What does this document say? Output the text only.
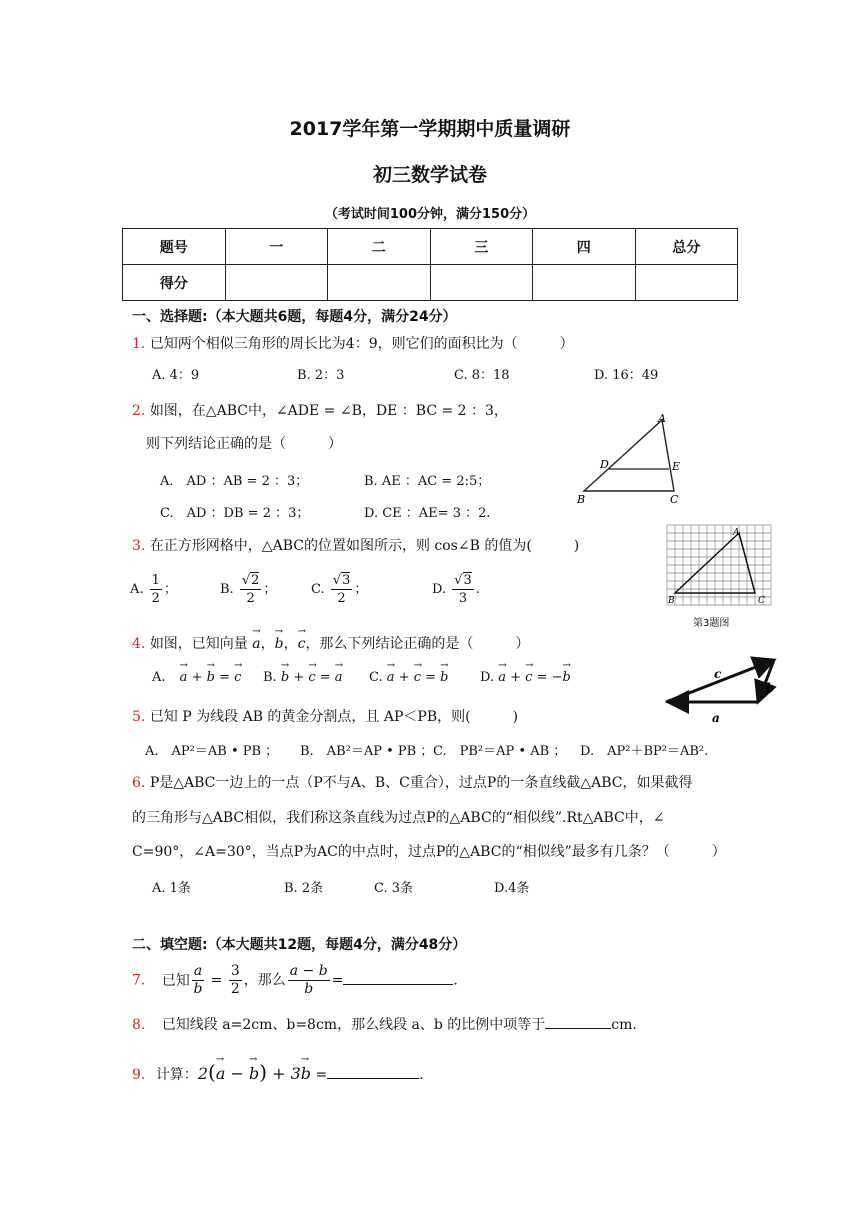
2017学年第一学期期中质量调研
初三数学试卷
（考试时间100分钟，满分150分）
题号	一	二	三	四	总分
得分					
一、选择题:（本大题共6题，每题4分，满分24分）
1. 已知两个相似三角形的周长比为4：9，则它们的面积比为（　　　）
A. 4：9	B. 2：3	C. 8：18	D. 16：49
2. 如图，在△ABC中，∠ADE = ∠B，DE ：BC = 2 ：3，
则下列结论正确的是（　　　）
A.　AD ：AB = 2 ：3；	B. AE ：AC = 2:5；
C.　AD ：DB = 2 ：3；	D. CE ：AE= 3 ：2.
A
B	C
D	E
3. 在正方形网格中，△ABC的位置如图所示，则 cos∠B 的值为(　　　)
A. $\frac{1}{2}$ ；	B. $\frac{√2}{2}$ ；	C. $\frac{√3}{2}$ ；	D. $\frac{√3}{3}$ .
A
B	C
第3题图
4. 如图，已知向量 → a，→ b，→ c，那么下列结论正确的是（　　　）
A. → a + → b = → c B. → b + → c = → a C. → a + → c = → b D. → a + → c = −→ b	c
b
a
5. 已知 P 为线段 AB 的黄金分割点，且 AP＜PB，则(　　　)
A.　AP²＝AB • PB ； B.　AB²＝AP • PB ； C.　PB²＝AP • AB ； D.　AP²＋BP²＝AB².
6. P是△ABC一边上的一点（P不与A、B、C重合），过点P的一条直线截△ABC，如果截得
的三角形与△ABC相似，我们称这条直线为过点P的△ABC的“相似线”.Rt△ABC中，∠
C=90°，∠A=30°，当点P为AC的中点时，过点P的△ABC的“相似线”最多有几条？（　　　）
A. 1条	B. 2条	C. 3条	D.4条
二、填空题:（本大题共12题，每题4分，满分48分）
7. 已知 $\frac{a}{b} = \frac{3}{2}$ ，那么 $\frac{a - b}{b}$ =	.
8. 已知线段 a=2cm、b=8cm，那么线段 a、b 的比例中项等于	cm.
9. 计算：2(→ a − → b) + 3→ b =	.
